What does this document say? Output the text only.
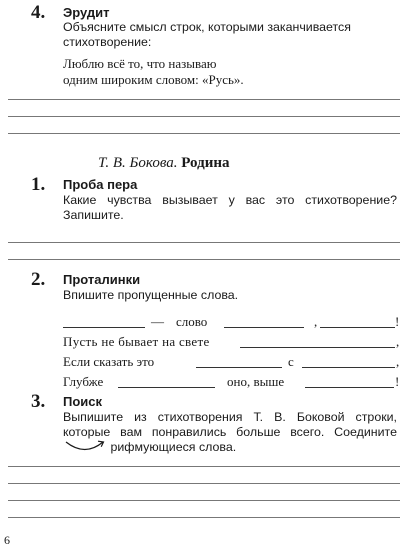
4. Эрудит
Объясните смысл строк, которыми заканчивается стихотворение:
Люблю всё то, что называю
одним широким словом: «Русь».
Т. В. Бокова. Родина
1. Проба пера
Какие чувства вызывает у вас это стихотворение? Запишите.
2. Проталинки
Впишите пропущенные слова.
— слово	,	!
Пусть не бывает на свете	,
Если сказать это	с	,
Глубже	оно, выше	!
3. Поиск
Выпишите из стихотворения Т. В. Боковой строки, которые вам понравились больше всего. Соедините  рифмующиеся слова.
6
